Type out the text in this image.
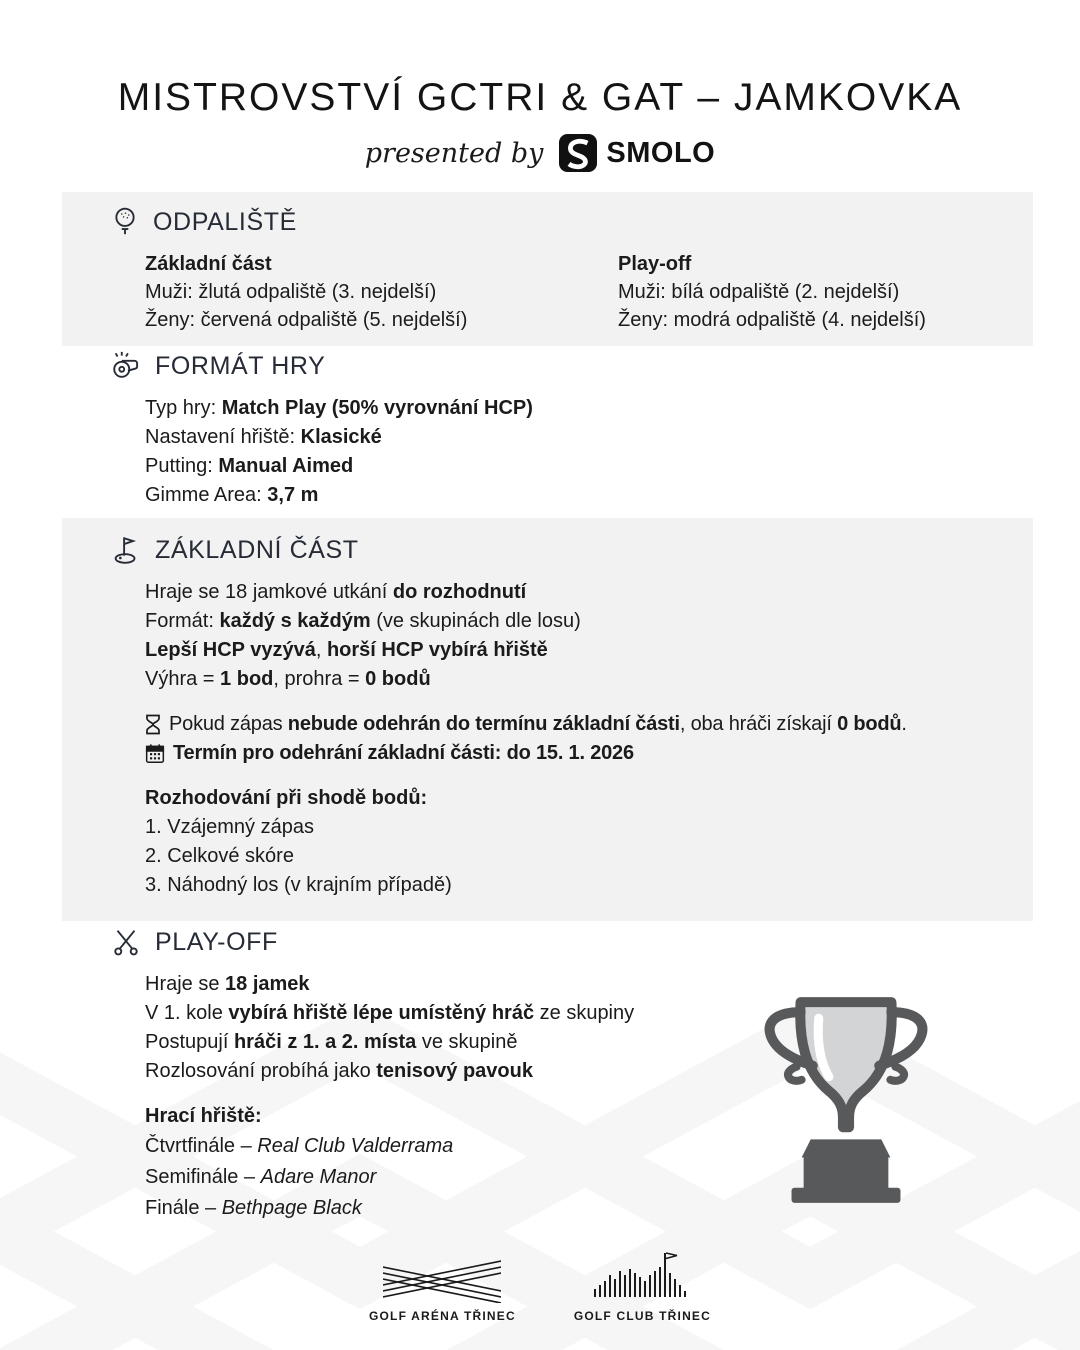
MISTROVSTVÍ GCTRI & GAT – JAMKOVKA
presented by SMOLO
ODPALIŠTĚ
Základní část
Muži: žlutá odpaliště (3. nejdelší)
Ženy: červená odpaliště (5. nejdelší)
Play-off
Muži: bílá odpaliště (2. nejdelší)
Ženy: modrá odpaliště (4. nejdelší)
FORMÁT HRY
Typ hry: Match Play (50% vyrovnání HCP)
Nastavení hřiště: Klasické
Putting: Manual Aimed
Gimme Area: 3,7 m
ZÁKLADNÍ ČÁST
Hraje se 18 jamkové utkání do rozhodnutí
Formát: každý s každým (ve skupinách dle losu)
Lepší HCP vyzývá, horší HCP vybírá hřiště
Výhra = 1 bod, prohra = 0 bodů
Pokud zápas nebude odehrán do termínu základní části, oba hráči získají 0 bodů.
Termín pro odehrání základní části: do 15. 1. 2026
Rozhodování při shodě bodů:
1. Vzájemný zápas
2. Celkové skóre
3. Náhodný los (v krajním případě)
PLAY-OFF
Hraje se 18 jamek
V 1. kole vybírá hřiště lépe umístěný hráč ze skupiny
Postupují hráči z 1. a 2. místa ve skupině
Rozlosování probíhá jako tenisový pavouk
Hrací hřiště:
Čtvrtfinále – Real Club Valderrama
Semifinále – Adare Manor
Finále – Bethpage Black
GOLF ARÉNA TŘINEC	GOLF CLUB TŘINEC
